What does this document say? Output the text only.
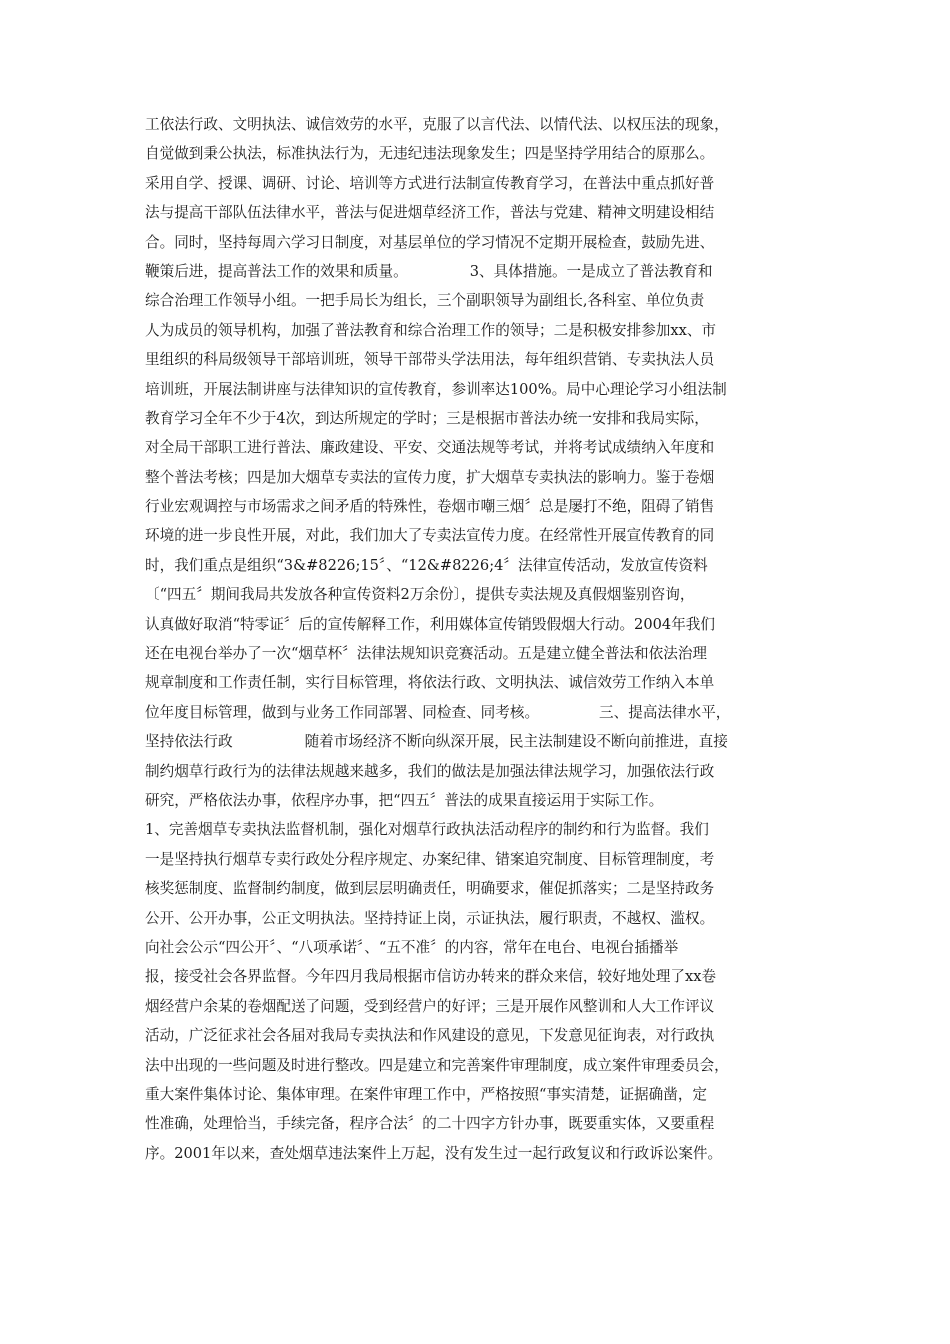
工依法行政、文明执法、诚信效劳的水平，克服了以言代法、以情代法、以权压法的现象，
自觉做到秉公执法，标准执法行为，无违纪违法现象发生；四是坚持学用结合的原那么。
采用自学、授课、调研、讨论、培训等方式进行法制宣传教育学习，在普法中重点抓好普
法与提高干部队伍法律水平，普法与促进烟草经济工作，普法与党建、精神文明建设相结
合。同时，坚持每周六学习日制度，对基层单位的学习情况不定期开展检查，鼓励先进、
鞭策后进，提高普法工作的效果和质量。	3、具体措施。一是成立了普法教育和
综合治理工作领导小组。一把手局长为组长，三个副职领导为副组长,各科室、单位负责
人为成员的领导机构，加强了普法教育和综合治理工作的领导；二是积极安排参加xx、市
里组织的科局级领导干部培训班，领导干部带头学法用法，每年组织营销、专卖执法人员
培训班，开展法制讲座与法律知识的宣传教育，参训率达100%。局中心理论学习小组法制
教育学习全年不少于4次，到达所规定的学时；三是根据市普法办统一安排和我局实际，
对全局干部职工进行普法、廉政建设、平安、交通法规等考试，并将考试成绩纳入年度和
整个普法考核；四是加大烟草专卖法的宣传力度，扩大烟草专卖执法的影响力。鉴于卷烟
行业宏观调控与市场需求之间矛盾的特殊性，卷烟市嘲三烟〞总是屡打不绝，阻碍了销售
环境的进一步良性开展，对此，我们加大了专卖法宣传力度。在经常性开展宣传教育的同
时，我们重点是组织“3&#8226;15〞、“12&#8226;4〞法律宣传活动，发放宣传资料
〔“四五〞期间我局共发放各种宣传资料2万余份〕，提供专卖法规及真假烟鉴别咨询，
认真做好取消“特零证〞后的宣传解释工作，利用媒体宣传销毁假烟大行动。2004年我们
还在电视台举办了一次“烟草杯〞法律法规知识竞赛活动。五是建立健全普法和依法治理
规章制度和工作责任制，实行目标管理，将依法行政、文明执法、诚信效劳工作纳入本单
位年度目标管理，做到与业务工作同部署、同检查、同考核。	三、提高法律水平，
坚持依法行政	随着市场经济不断向纵深开展，民主法制建设不断向前推进，直接
制约烟草行政行为的法律法规越来越多，我们的做法是加强法律法规学习，加强依法行政
研究，严格依法办事，依程序办事，把“四五〞普法的成果直接运用于实际工作。
1、完善烟草专卖执法监督机制，强化对烟草行政执法活动程序的制约和行为监督。我们
一是坚持执行烟草专卖行政处分程序规定、办案纪律、错案追究制度、目标管理制度，考
核奖惩制度、监督制约制度，做到层层明确责任，明确要求，催促抓落实；二是坚持政务
公开、公开办事，公正文明执法。坚持持证上岗，示证执法，履行职责，不越权、滥权。
向社会公示“四公开〞、“八项承诺〞、“五不准〞的内容，常年在电台、电视台插播举
报，接受社会各界监督。今年四月我局根据市信访办转来的群众来信，较好地处理了xx卷
烟经营户余某的卷烟配送了问题，受到经营户的好评；三是开展作风整训和人大工作评议
活动，广泛征求社会各届对我局专卖执法和作风建设的意见，下发意见征询表，对行政执
法中出现的一些问题及时进行整改。四是建立和完善案件审理制度，成立案件审理委员会，
重大案件集体讨论、集体审理。在案件审理工作中，严格按照“事实清楚，证据确凿，定
性准确，处理恰当，手续完备，程序合法〞的二十四字方针办事，既要重实体，又要重程
序。2001年以来，查处烟草违法案件上万起，没有发生过一起行政复议和行政诉讼案件。
